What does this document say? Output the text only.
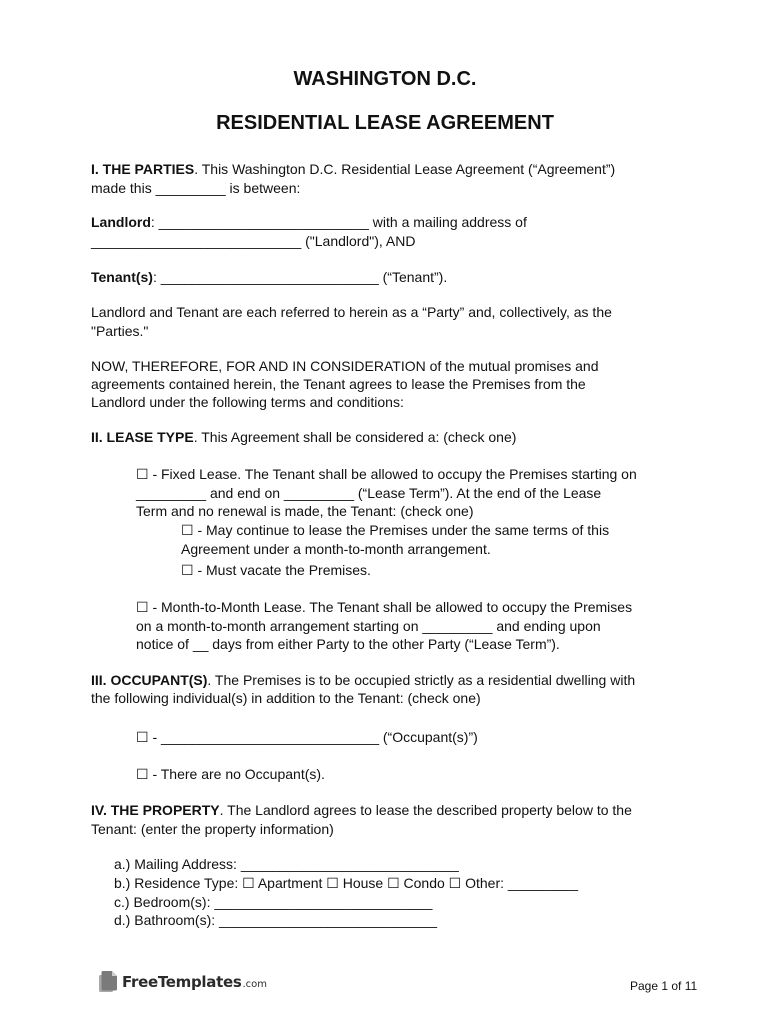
WASHINGTON D.C.
RESIDENTIAL LEASE AGREEMENT
I. THE PARTIES. This Washington D.C. Residential Lease Agreement (“Agreement”)
made this _________ is between:
Landlord: ___________________________ with a mailing address of
___________________________ ("Landlord"), AND
Tenant(s): ____________________________ (“Tenant”).
Landlord and Tenant are each referred to herein as a “Party” and, collectively, as the
"Parties."
NOW, THEREFORE, FOR AND IN CONSIDERATION of the mutual promises and
agreements contained herein, the Tenant agrees to lease the Premises from the
Landlord under the following terms and conditions:
II. LEASE TYPE. This Agreement shall be considered a: (check one)
☐ - Fixed Lease. The Tenant shall be allowed to occupy the Premises starting on
_________ and end on _________ (“Lease Term”). At the end of the Lease
Term and no renewal is made, the Tenant: (check one)
☐ - May continue to lease the Premises under the same terms of this
Agreement under a month-to-month arrangement.
☐ - Must vacate the Premises.
☐ - Month-to-Month Lease. The Tenant shall be allowed to occupy the Premises
on a month-to-month arrangement starting on _________ and ending upon
notice of __ days from either Party to the other Party (“Lease Term”).
III. OCCUPANT(S). The Premises is to be occupied strictly as a residential dwelling with
the following individual(s) in addition to the Tenant: (check one)
☐ - ____________________________ (“Occupant(s)”)
☐ - There are no Occupant(s).
IV. THE PROPERTY. The Landlord agrees to lease the described property below to the
Tenant: (enter the property information)
a.) Mailing Address: ____________________________
b.) Residence Type: ☐ Apartment ☐ House ☐ Condo ☐ Other: _________
c.) Bedroom(s): ____________________________
d.) Bathroom(s): ____________________________
FreeTemplates .com	Page 1 of 11
